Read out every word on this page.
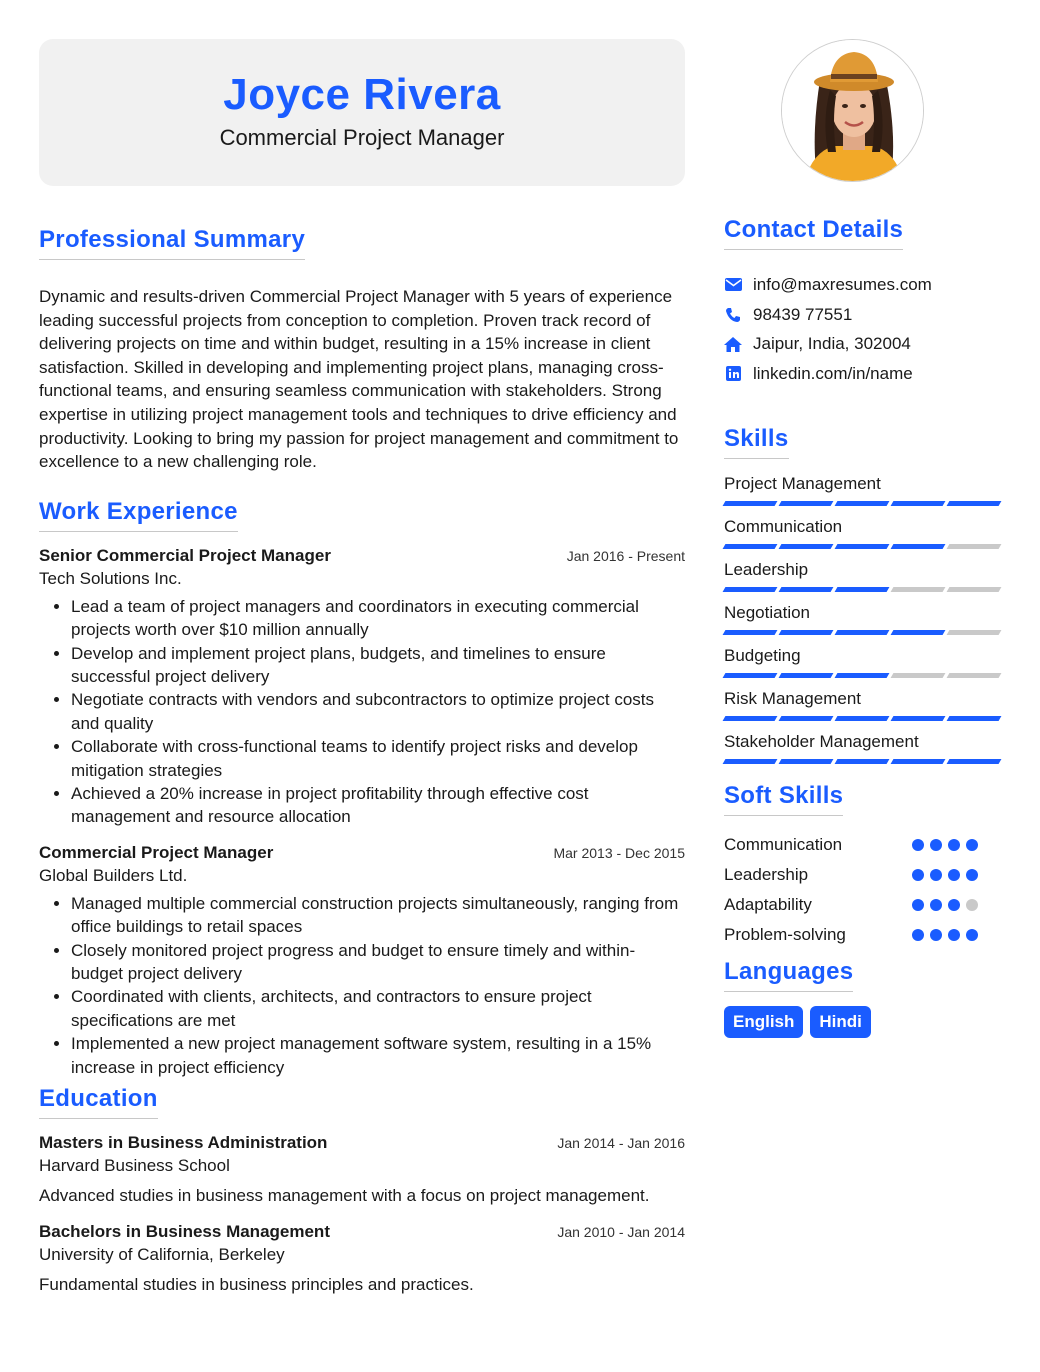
Joyce Rivera
Commercial Project Manager
Professional Summary

Dynamic and results-driven Commercial Project Manager with 5 years of experience leading successful projects from conception to completion. Proven track record of delivering projects on time and within budget, resulting in a 15% increase in client satisfaction. Skilled in developing and implementing project plans, managing cross-functional teams, and ensuring seamless communication with stakeholders. Strong expertise in utilizing project management tools and techniques to drive efficiency and productivity. Looking to bring my passion for project management and commitment to excellence to a new challenging role.

Work Experience
Senior Commercial Project Manager	Jan 2016 - Present
Tech Solutions Inc.
• Lead a team of project managers and coordinators in executing commercial projects worth over $10 million annually
• Develop and implement project plans, budgets, and timelines to ensure successful project delivery
• Negotiate contracts with vendors and subcontractors to optimize project costs and quality
• Collaborate with cross-functional teams to identify project risks and develop mitigation strategies
• Achieved a 20% increase in project profitability through effective cost management and resource allocation
Commercial Project Manager	Mar 2013 - Dec 2015
Global Builders Ltd.
• Managed multiple commercial construction projects simultaneously, ranging from office buildings to retail spaces
• Closely monitored project progress and budget to ensure timely and within-budget project delivery
• Coordinated with clients, architects, and contractors to ensure project specifications are met
• Implemented a new project management software system, resulting in a 15% increase in project efficiency
Education
Masters in Business Administration	Jan 2014 - Jan 2016
Harvard Business School

Advanced studies in business management with a focus on project management.

Bachelors in Business Management	Jan 2010 - Jan 2014
University of California, Berkeley

Fundamental studies in business principles and practices.

Contact Details
info@maxresumes.com
98439 77551
Jaipur, India, 302004
linkedin.com/in/name
Skills
Project Management
Communication
Leadership
Negotiation
Budgeting
Risk Management
Stakeholder Management
Soft Skills
Communication
Leadership
Adaptability
Problem-solving
Languages
English	Hindi
